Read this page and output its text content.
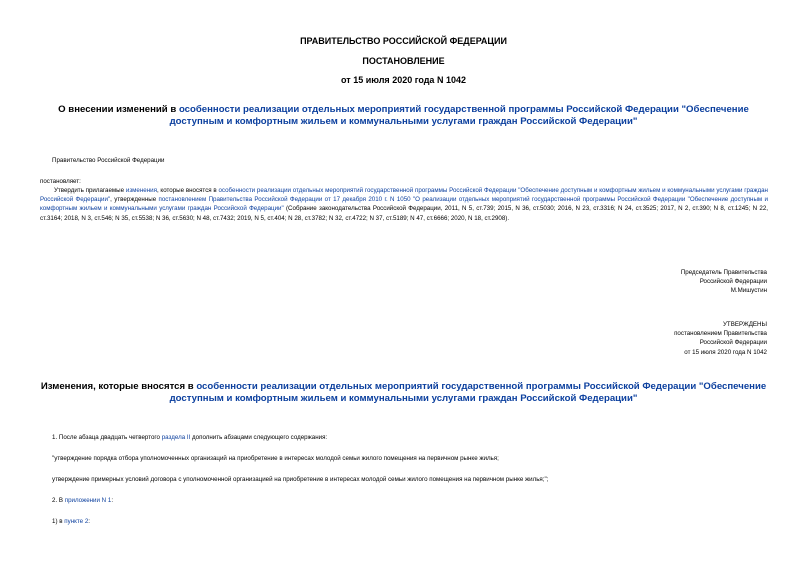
ПРАВИТЕЛЬСТВО РОССИЙСКОЙ ФЕДЕРАЦИИ
ПОСТАНОВЛЕНИЕ
от 15 июля 2020 года N 1042
О внесении изменений в особенности реализации отдельных мероприятий государственной программы Российской Федерации "Обеспечение доступным и комфортным жильем и коммунальными услугами граждан Российской Федерации"
Правительство Российской Федерации
постановляет:
Утвердить прилагаемые изменения, которые вносятся в особенности реализации отдельных мероприятий государственной программы Российской Федерации "Обеспечение доступным и комфортным жильем и коммунальными услугами граждан Российской Федерации", утвержденные постановлением Правительства Российской Федерации от 17 декабря 2010 г. N 1050 "О реализации отдельных мероприятий государственной программы Российской Федерации "Обеспечение доступным и комфортным жильем и коммунальными услугами граждан Российской Федерации" (Собрание законодательства Российской Федерации, 2011, N 5, ст.739; 2015, N 36, ст.5030; 2016, N 23, ст.3316; N 24, ст.3525; 2017, N 2, ст.390; N 8, ст.1245; N 22, ст.3164; 2018, N 3, ст.546; N 35, ст.5538; N 36, ст.5630; N 48, ст.7432; 2019, N 5, ст.404; N 28, ст.3782; N 32, ст.4722; N 37, ст.5189; N 47, ст.6666; 2020, N 18, ст.2908).
Председатель Правительства
Российской Федерации
М.Мишустин
УТВЕРЖДЕНЫ
постановлением Правительства
Российской Федерации
от 15 июля 2020 года N 1042
Изменения, которые вносятся в особенности реализации отдельных мероприятий государственной программы Российской Федерации "Обеспечение доступным и комфортным жильем и коммунальными услугами граждан Российской Федерации"
1. После абзаца двадцать четвертого раздела II дополнить абзацами следующего содержания:
"утверждение порядка отбора уполномоченных организаций на приобретение в интересах молодой семьи жилого помещения на первичном рынке жилья;
утверждение примерных условий договора с уполномоченной организацией на приобретение в интересах молодой семьи жилого помещения на первичном рынке жилья;";
2. В приложении N 1:
1) в пункте 2:
